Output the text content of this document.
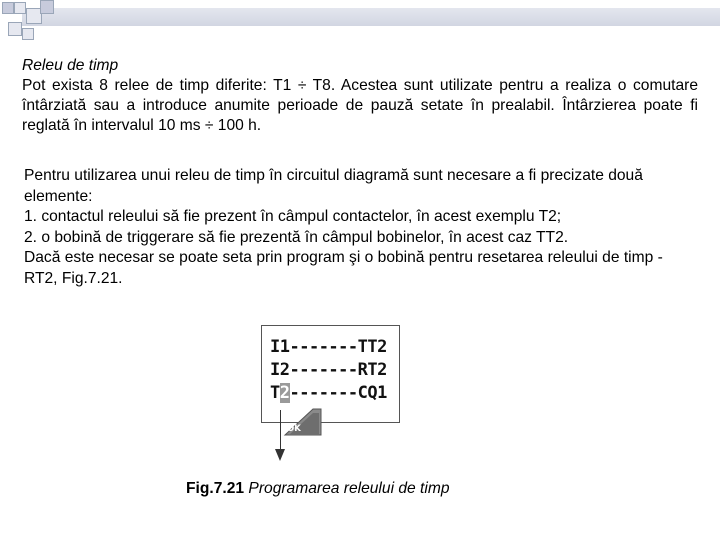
Releu de timp
Pot exista 8 relee de timp diferite: T1 ÷ T8. Acestea sunt utilizate pentru a realiza o comutare întârziată sau a introduce anumite perioade de pauză setate în prealabil. Întârzierea poate fi reglată în intervalul 10 ms ÷ 100 h.
Pentru utilizarea unui releu de timp în circuitul diagramă sunt necesare a fi precizate două elemente:
1. contactul releului să fie prezent în câmpul contactelor, în acest exemplu T2;
2. o bobină de triggerare să fie prezentă în câmpul bobinelor, în acest caz TT2.
Dacă este necesar se poate seta prin program şi o bobină pentru resetarea releului de timp - RT2, Fig.7.21.
I1-------TT2
I2-------RT2
T2-------CQ1
OK
Fig.7.21 Programarea releului de timp
